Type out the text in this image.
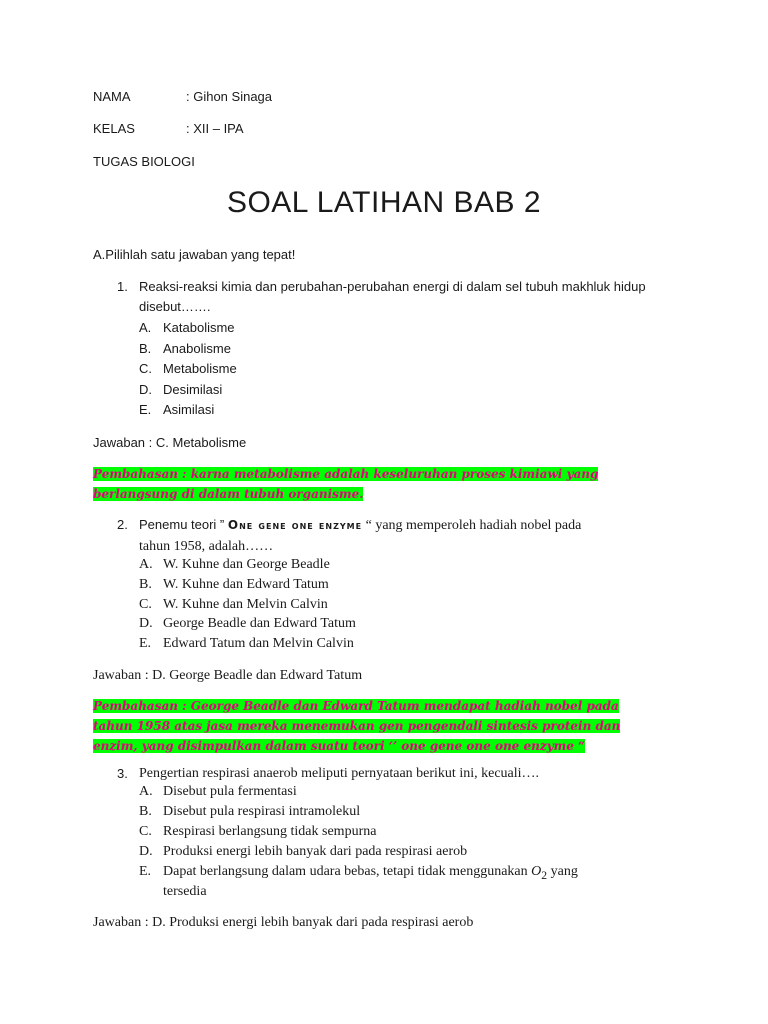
NAMA	: Gihon Sinaga
KELAS	: XII – IPA
TUGAS BIOLOGI
SOAL LATIHAN BAB 2
A.Pilihlah satu jawaban yang tepat!
1. Reaksi-reaksi kimia dan perubahan-perubahan energi di dalam sel tubuh makhluk hidup disebut…….
A. Katabolisme
B. Anabolisme
C. Metabolisme
D. Desimilasi
E. Asimilasi
Jawaban : C. Metabolisme
Pembahasan : karna metabolisme adalah keseluruhan proses kimiawi yang berlangsung di dalam tubuh organisme.
2. Penemu teori ” One gene one enzyme “ yang memperoleh hadiah nobel pada
tahun 1958, adalah……
A. W. Kuhne dan George Beadle
B. W. Kuhne dan Edward Tatum
C. W. Kuhne dan Melvin Calvin
D. George Beadle dan Edward Tatum
E. Edward Tatum dan Melvin Calvin
Jawaban : D. George Beadle dan Edward Tatum
Pembahasan : George Beadle dan Edward Tatum mendapat hadiah nobel pada tahun 1958 atas jasa mereka menemukan gen pengendali sintesis protein dan enzim, yang disimpulkan dalam suatu teori ‘’ one gene one one enzyme “
3. Pengertian respirasi anaerob meliputi pernyataan berikut ini, kecuali….
A. Disebut pula fermentasi
B. Disebut pula respirasi intramolekul
C. Respirasi berlangsung tidak sempurna
D. Produksi energi lebih banyak dari pada respirasi aerob
E. Dapat berlangsung dalam udara bebas, tetapi tidak menggunakan $O_2$ yang
tersedia
Jawaban : D. Produksi energi lebih banyak dari pada respirasi aerob
